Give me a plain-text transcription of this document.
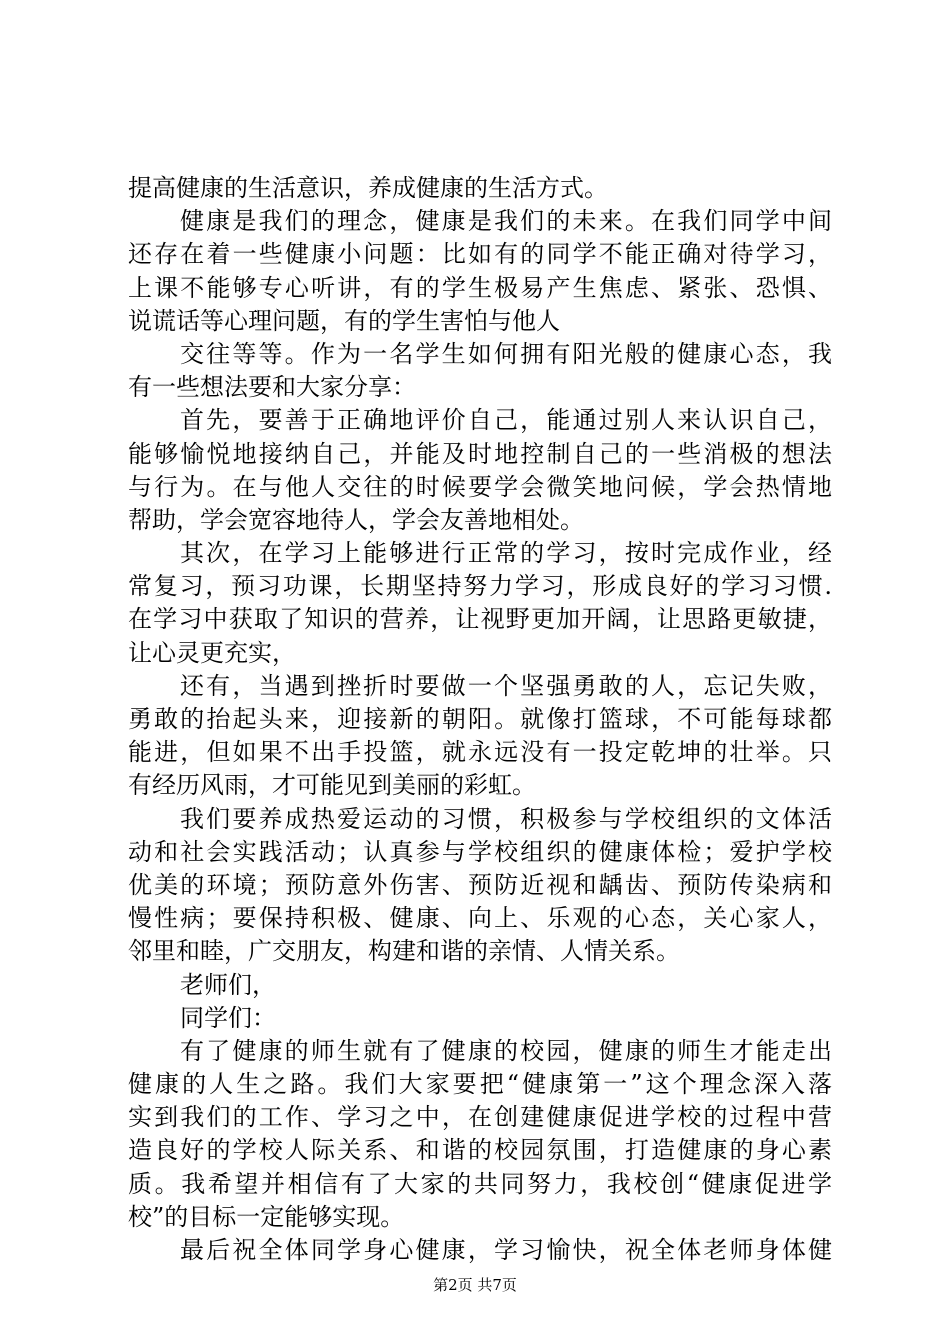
提高健康的生活意识，养成健康的生活方式。
健康是我们的理念，健康是我们的未来。在我们同学中间
还存在着一些健康小问题：比如有的同学不能正确对待学习，
上课不能够专心听讲，有的学生极易产生焦虑、紧张、恐惧、
说谎话等心理问题，有的学生害怕与他人
交往等等。作为一名学生如何拥有阳光般的健康心态，我
有一些想法要和大家分享：
首先，要善于正确地评价自己，能通过别人来认识自己，
能够愉悦地接纳自己，并能及时地控制自己的一些消极的想法
与行为。在与他人交往的时候要学会微笑地问候，学会热情地
帮助，学会宽容地待人，学会友善地相处。
其次，在学习上能够进行正常的学习，按时完成作业，经
常复习，预习功课，长期坚持努力学习，形成良好的学习习惯.
在学习中获取了知识的营养，让视野更加开阔，让思路更敏捷，
让心灵更充实，
还有，当遇到挫折时要做一个坚强勇敢的人，忘记失败，
勇敢的抬起头来，迎接新的朝阳。就像打篮球，不可能每球都
能进，但如果不出手投篮，就永远没有一投定乾坤的壮举。只
有经历风雨，才可能见到美丽的彩虹。
我们要养成热爱运动的习惯，积极参与学校组织的文体活
动和社会实践活动；认真参与学校组织的健康体检；爱护学校
优美的环境；预防意外伤害、预防近视和龋齿、预防传染病和
慢性病；要保持积极、健康、向上、乐观的心态，关心家人，
邻里和睦，广交朋友，构建和谐的亲情、人情关系。
老师们，
同学们：
有了健康的师生就有了健康的校园，健康的师生才能走出
健康的人生之路。我们大家要把“健康第一”这个理念深入落
实到我们的工作、学习之中，在创建健康促进学校的过程中营
造良好的学校人际关系、和谐的校园氛围，打造健康的身心素
质。我希望并相信有了大家的共同努力，我校创“健康促进学
校”的目标一定能够实现。
最后祝全体同学身心健康，学习愉快，祝全体老师身体健
第2页 共7页
